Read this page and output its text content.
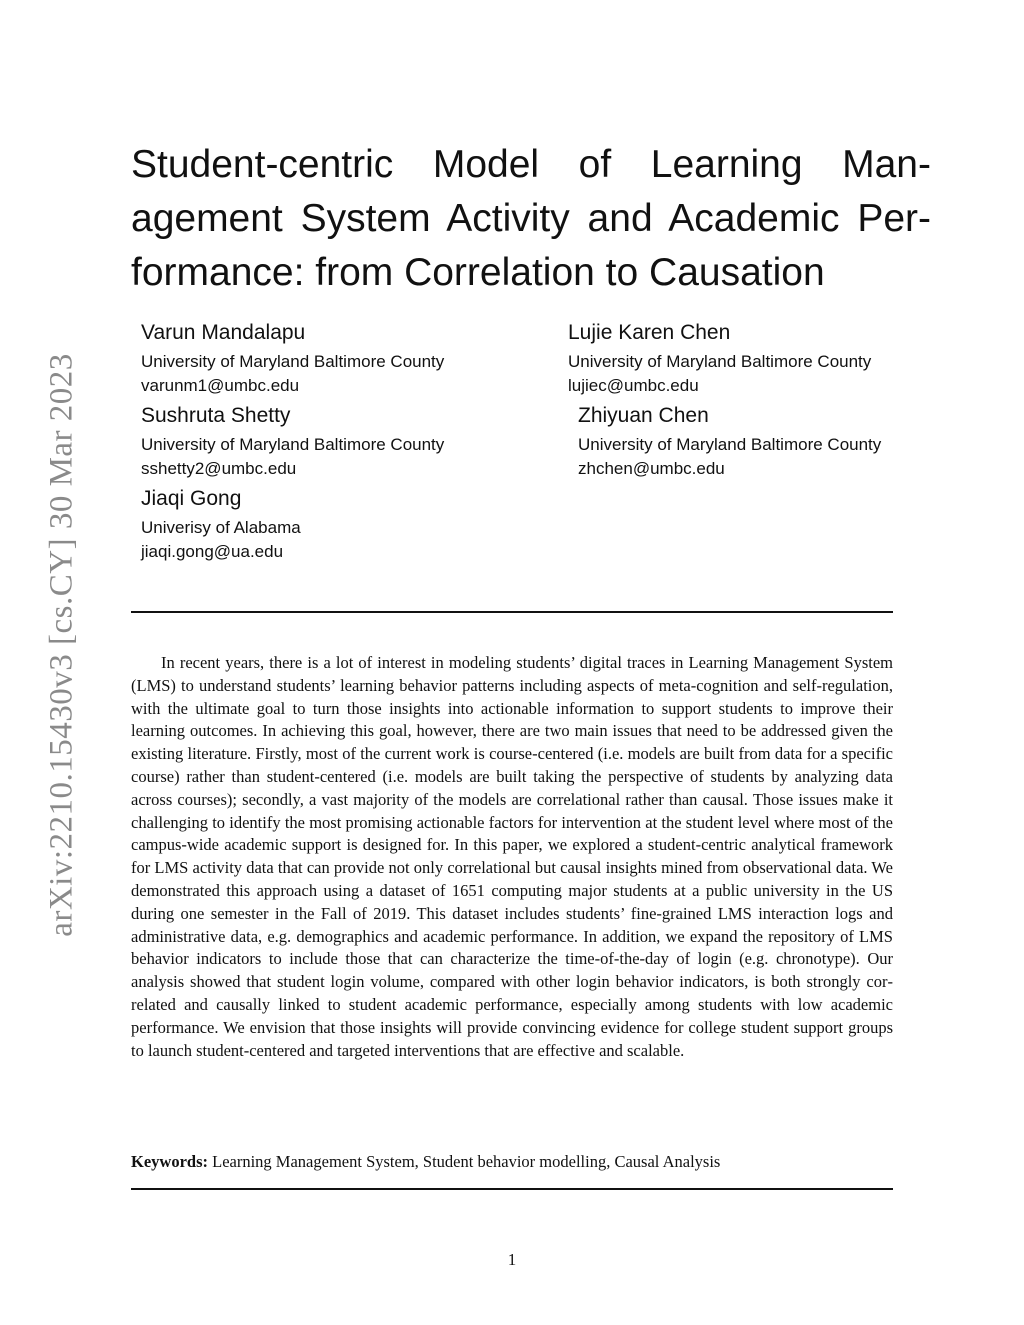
arXiv:2210.15430v3 [cs.CY] 30 Mar 2023
Student-centric Model of Learning Man-
agement System Activity and Academic Per-
formance: from Correlation to Causation
Varun Mandalapu
University of Maryland Baltimore County
varunm1@umbc.edu
Lujie Karen Chen
University of Maryland Baltimore County
lujiec@umbc.edu
Sushruta Shetty
University of Maryland Baltimore County
sshetty2@umbc.edu
Zhiyuan Chen
University of Maryland Baltimore County
zhchen@umbc.edu
Jiaqi Gong
Univerisy of Alabama
jiaqi.gong@ua.edu

In recent years, there is a lot of interest in modeling students’ digital traces in Learning Management System (LMS) to understand students’ learning behavior patterns including aspects of meta-cognition and self-regulation, with the ultimate goal to turn those insights into actionable information to support students to improve their learning outcomes. In achieving this goal, however, there are two main issues that need to be addressed given the existing literature. Firstly, most of the current work is course-centered (i.e. models are built from data for a specific course) rather than student-centered (i.e. models are built taking the perspective of students by analyzing data across courses); secondly, a vast majority of the models are correlational rather than causal. Those issues make it challenging to identify the most promising actionable factors for intervention at the student level where most of the campus-wide academic support is designed for. In this paper, we explored a student-centric analytical framework for LMS activity data that can provide not only correlational but causal insights mined from observational data. We demonstrated this approach using a dataset of 1651 computing major students at a public university in the US during one semester in the Fall of 2019. This dataset includes students’ fine-grained LMS interaction logs and administrative data, e.g. demographics and academic performance. In addition, we expand the repository of LMS behavior indicators to include those that can characterize the time-of-the-day of login (e.g. chronotype). Our analysis showed that student login volume, compared with other login behavior indicators, is both strongly correlated and causally linked to student academic performance, especially among students with low academic performance. We envision that those insights will provide convincing evidence for college student support groups to launch student-centered and targeted interventions that are effective and scalable.

Keywords: Learning Management System, Student behavior modelling, Causal Analysis
1
